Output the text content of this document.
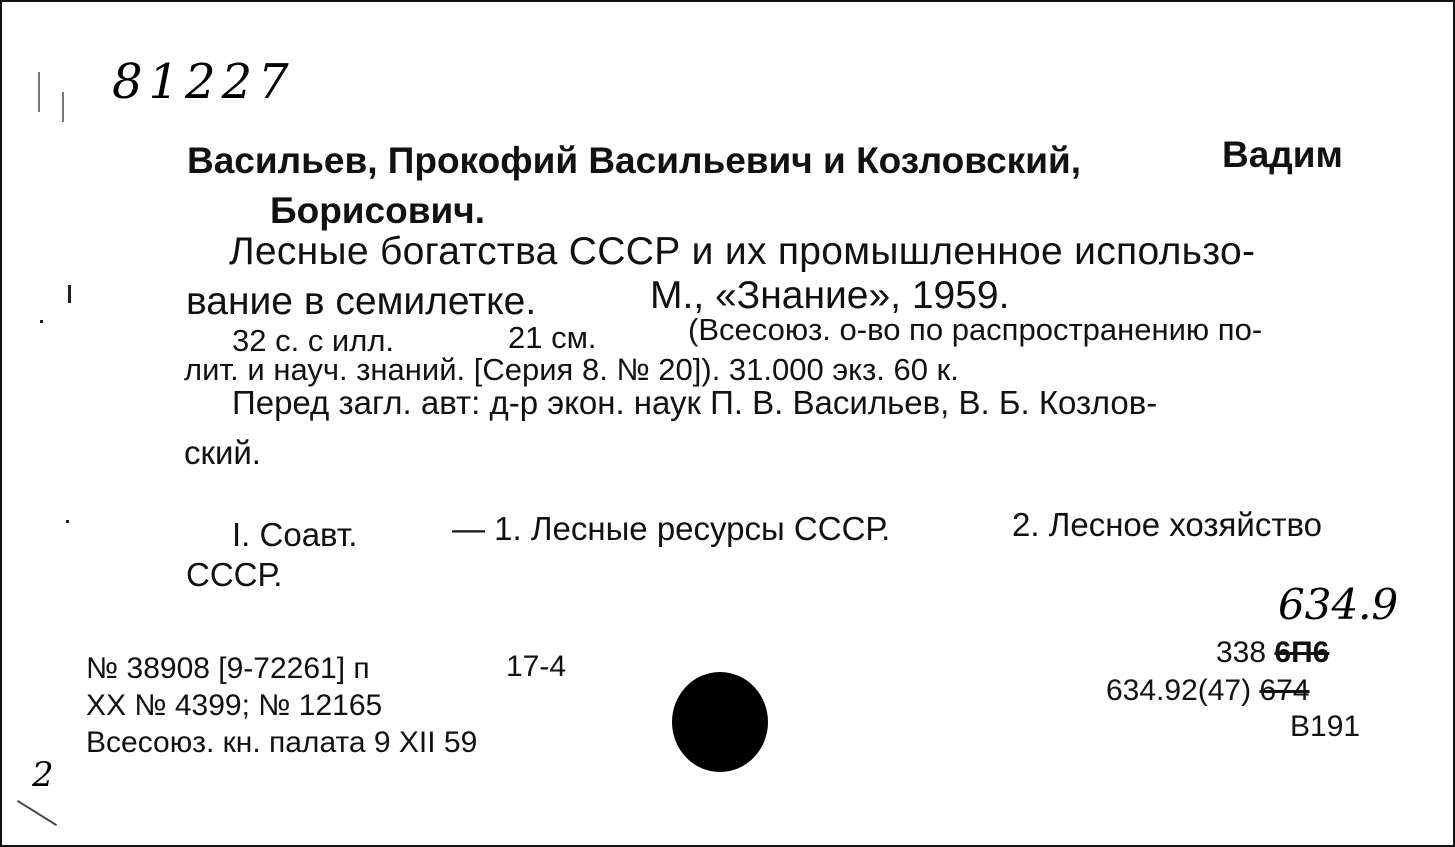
81227
Васильев, Прокофий Васильевич и Козловский,	Вадим
Борисович.
Лесные богатства СССР и их промышленное использо-
вание в семилетке.	М., «Знание», 1959.
32 с. с илл.	21 см.	(Всесоюз. о-во по распространению по-
лит. и науч. знаний. [Серия 8. № 20]). 31.000 экз. 60 к.
Перед загл. авт: д-р экон. наук П. В. Васильев, В. Б. Козлов-
ский.
I. Соавт.	— 1. Лесные ресурсы СССР.	2. Лесное хозяйство
СССР.
№ 38908 [9-72261] п	17-4
ХХ № 4399; № 12165
Всесоюз. кн. палата 9 XII 59
634.9
338 6П6
634.92(47) 674
В191
2
